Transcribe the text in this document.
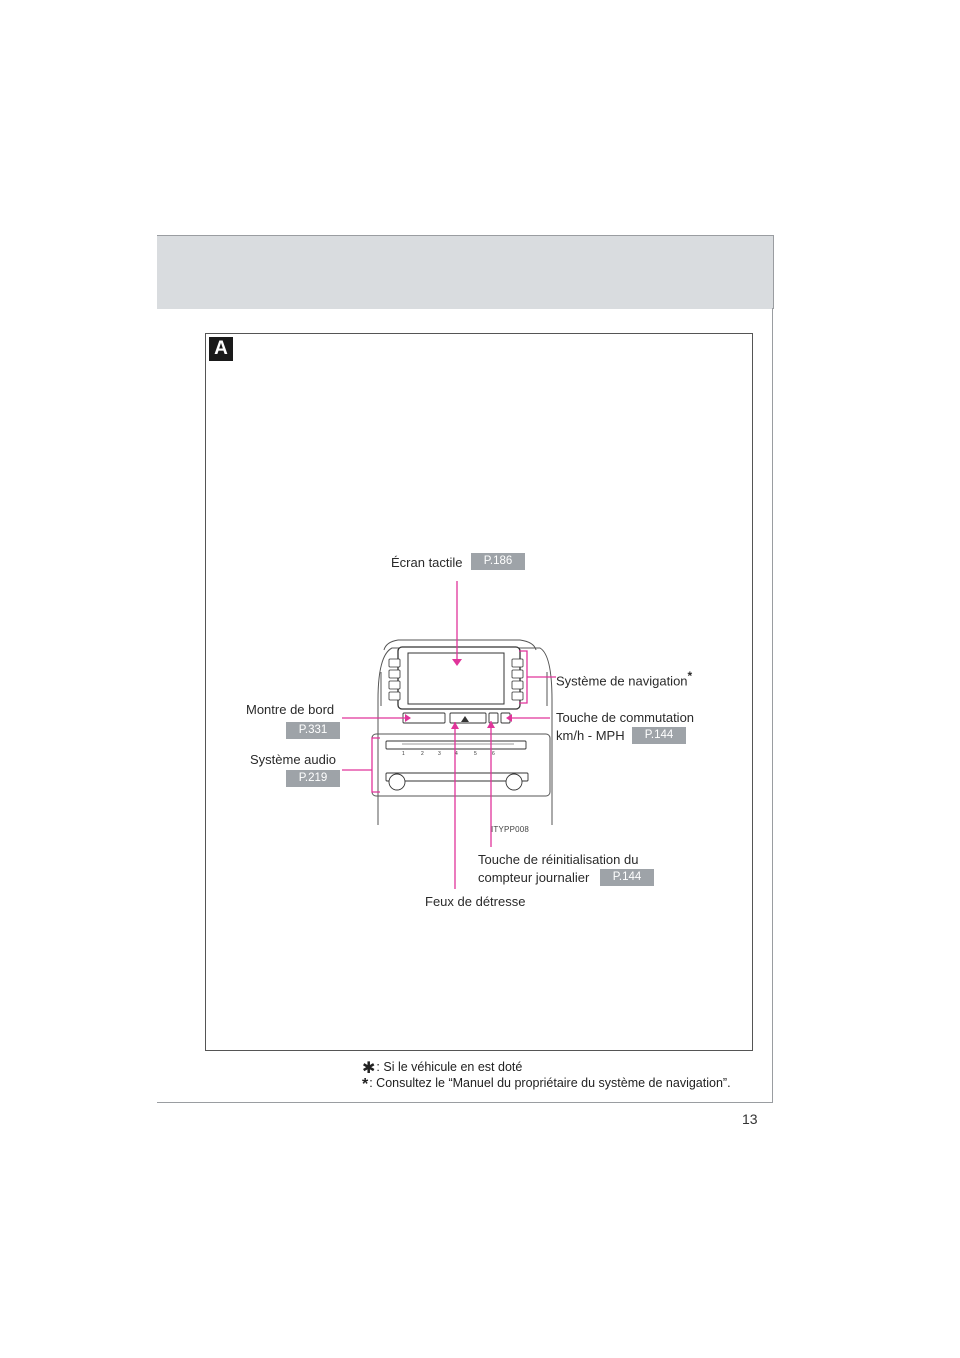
A
1	2	3	4	5	6
ITYPP008
Écran tactile	P.186
Système de navigation*
Montre de bord
P.331
Touche de commutation
km/h - MPH	P.144
Système audio
P.219
Touche de réinitialisation du
compteur journalier	P.144
Feux de détresse
✱: Si le véhicule en est doté
*: Consultez le “Manuel du propriétaire du système de navigation”.
13
